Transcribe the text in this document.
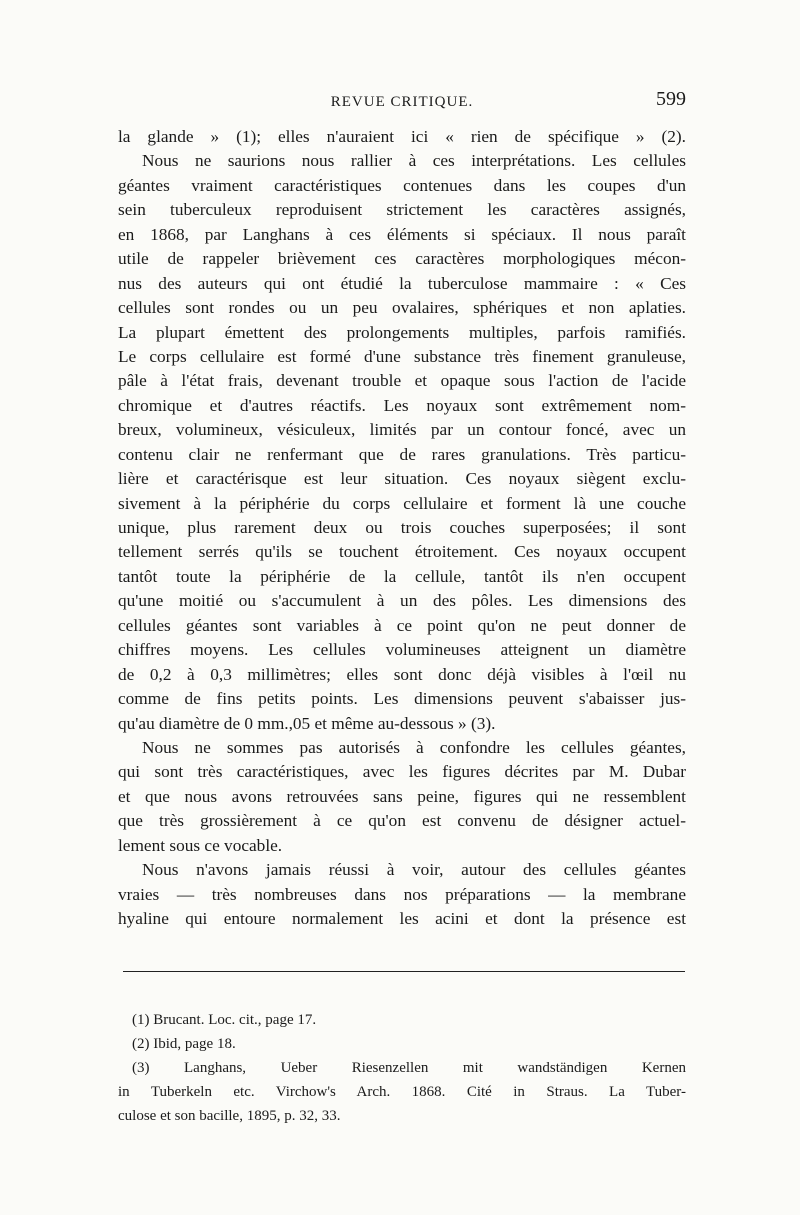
REVUE CRITIQUE.	599
la glande » (1); elles n'auraient ici « rien de spécifique » (2).
Nous ne saurions nous rallier à ces interprétations. Les cellules
géantes vraiment caractéristiques contenues dans les coupes d'un
sein tuberculeux reproduisent strictement les caractères assignés,
en 1868, par Langhans à ces éléments si spéciaux. Il nous paraît
utile de rappeler brièvement ces caractères morphologiques mécon-
nus des auteurs qui ont étudié la tuberculose mammaire : « Ces
cellules sont rondes ou un peu ovalaires, sphériques et non aplaties.
La plupart émettent des prolongements multiples, parfois ramifiés.
Le corps cellulaire est formé d'une substance très finement granuleuse,
pâle à l'état frais, devenant trouble et opaque sous l'action de l'acide
chromique et d'autres réactifs. Les noyaux sont extrêmement nom-
breux, volumineux, vésiculeux, limités par un contour foncé, avec un
contenu clair ne renfermant que de rares granulations. Très particu-
lière et caractérisque est leur situation. Ces noyaux siègent exclu-
sivement à la périphérie du corps cellulaire et forment là une couche
unique, plus rarement deux ou trois couches superposées; il sont
tellement serrés qu'ils se touchent étroitement. Ces noyaux occupent
tantôt toute la périphérie de la cellule, tantôt ils n'en occupent
qu'une moitié ou s'accumulent à un des pôles. Les dimensions des
cellules géantes sont variables à ce point qu'on ne peut donner de
chiffres moyens. Les cellules volumineuses atteignent un diamètre
de 0,2 à 0,3 millimètres; elles sont donc déjà visibles à l'œil nu
comme de fins petits points. Les dimensions peuvent s'abaisser jus-
qu'au diamètre de 0 mm.,05 et même au-dessous » (3).
Nous ne sommes pas autorisés à confondre les cellules géantes,
qui sont très caractéristiques, avec les figures décrites par M. Dubar
et que nous avons retrouvées sans peine, figures qui ne ressemblent
que très grossièrement à ce qu'on est convenu de désigner actuel-
lement sous ce vocable.
Nous n'avons jamais réussi à voir, autour des cellules géantes
vraies — très nombreuses dans nos préparations — la membrane
hyaline qui entoure normalement les acini et dont la présence est
(1) Brucant. Loc. cit., page 17.
(2) Ibid, page 18.
(3) Langhans, Ueber Riesenzellen mit wandständigen Kernen
in Tuberkeln etc. Virchow's Arch. 1868. Cité in Straus. La Tuber-
culose et son bacille, 1895, p. 32, 33.
